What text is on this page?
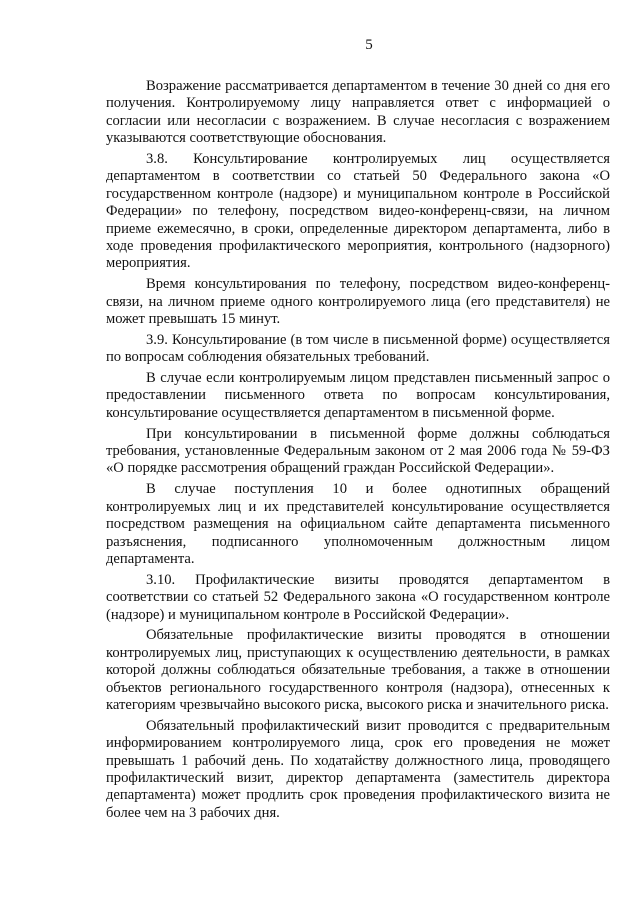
5

Возражение рассматривается департаментом в течение 30 дней со дня его получения. Контролируемому лицу направляется ответ с информацией о согласии или несогласии с возражением. В случае несогласия с возражением указываются соответствующие обоснования.

3.8. Консультирование контролируемых лиц осуществляется департаментом в соответствии со статьей 50 Федерального закона «О государственном контроле (надзоре) и муниципальном контроле в Российской Федерации» по телефону, посредством видео-конференц-связи, на личном приеме ежемесячно, в сроки, определенные директором департамента, либо в ходе проведения профилактического мероприятия, контрольного (надзорного) мероприятия.

Время консультирования по телефону, посредством видео-конференц-связи, на личном приеме одного контролируемого лица (его представителя) не может превышать 15 минут.

3.9. Консультирование (в том числе в письменной форме) осуществляется по вопросам соблюдения обязательных требований.

В случае если контролируемым лицом представлен письменный запрос о предоставлении письменного ответа по вопросам консультирования, консультирование осуществляется департаментом в письменной форме.

При консультировании в письменной форме должны соблюдаться требования, установленные Федеральным законом от 2 мая 2006 года № 59-ФЗ «О порядке рассмотрения обращений граждан Российской Федерации».

В случае поступления 10 и более однотипных обращений контролируемых лиц и их представителей консультирование осуществляется посредством размещения на официальном сайте департамента письменного разъяснения, подписанного уполномоченным должностным лицом департамента.

3.10. Профилактические визиты проводятся департаментом в соответствии со статьей 52 Федерального закона «О государственном контроле (надзоре) и муниципальном контроле в Российской Федерации».

Обязательные профилактические визиты проводятся в отношении контролируемых лиц, приступающих к осуществлению деятельности, в рамках которой должны соблюдаться обязательные требования, а также в отношении объектов регионального государственного контроля (надзора), отнесенных к категориям чрезвычайно высокого риска, высокого риска и значительного риска.

Обязательный профилактический визит проводится с предварительным информированием контролируемого лица, срок его проведения не может превышать 1 рабочий день. По ходатайству должностного лица, проводящего профилактический визит, директор департамента (заместитель директора департамента) может продлить срок проведения профилактического визита не более чем на 3 рабочих дня.
